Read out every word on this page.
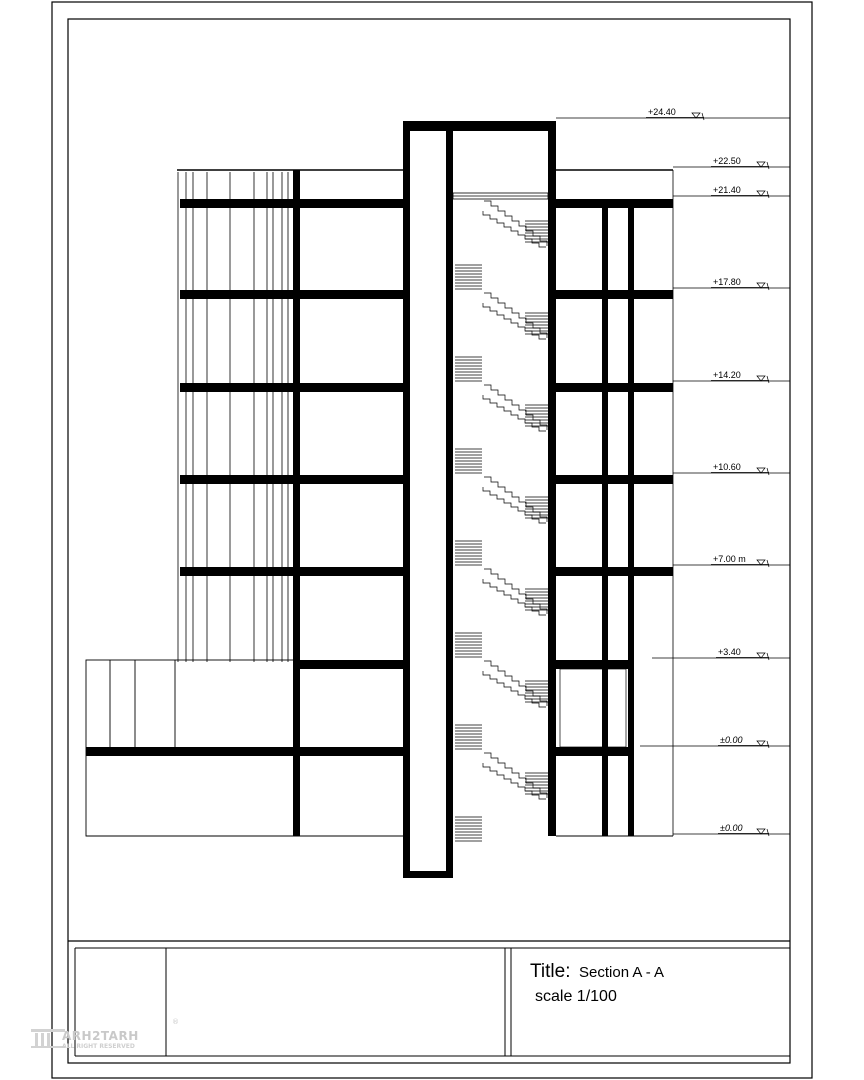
+24.40
+22.50
+21.40
+17.80
+14.20
+10.60
+7.00 m
+3.40
±0.00
±0.00
Title: Section A - A
scale 1/100
ARH2TARH
®
ALL RIGHT RESERVED
